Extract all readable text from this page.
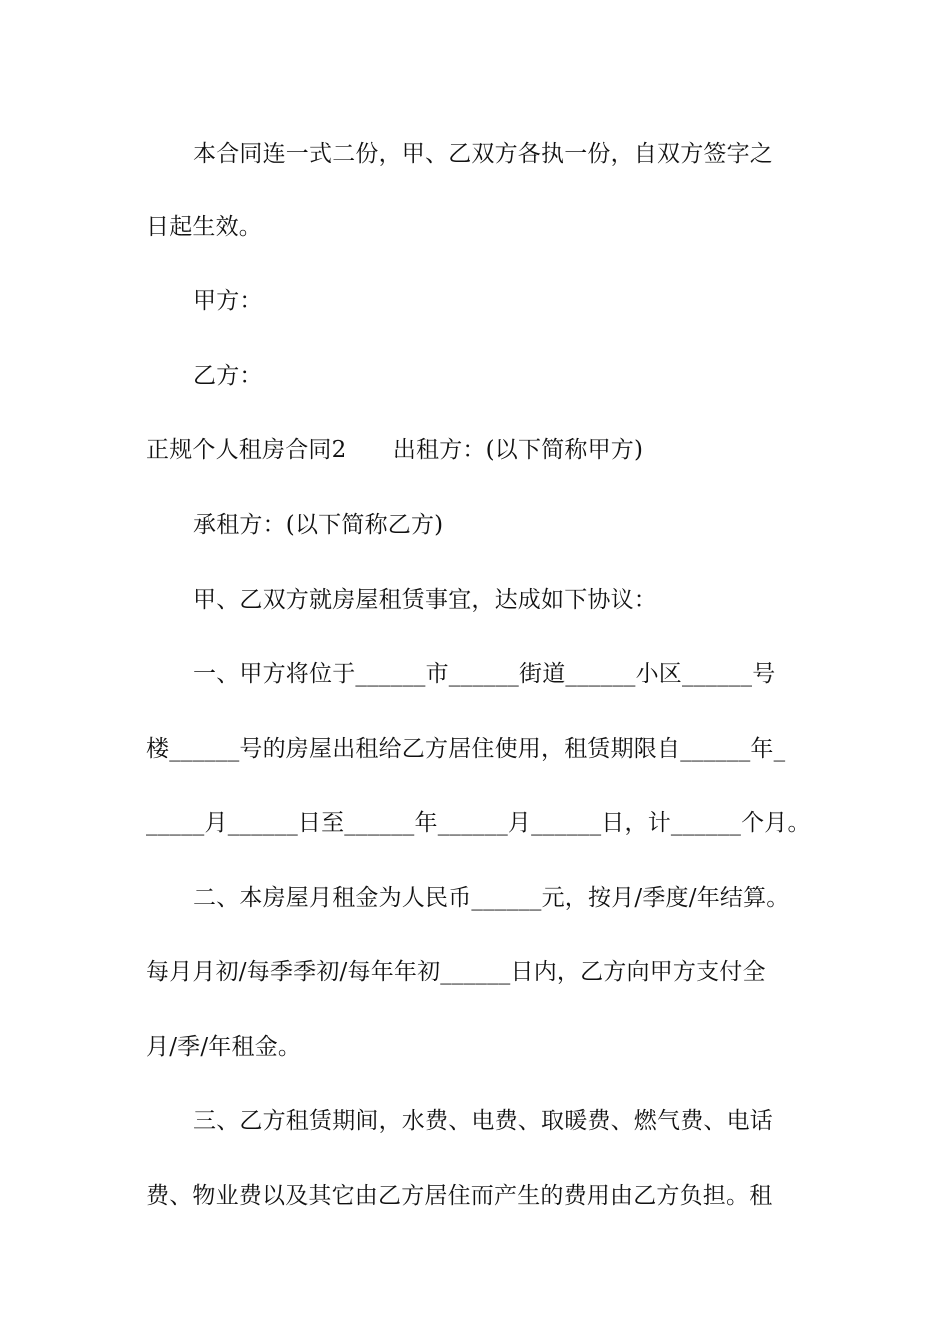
本合同连一式二份，甲、乙双方各执一份，自双方签字之
日起生效。
甲方：
乙方：
正规个人租房合同2　　出租方：(以下简称甲方)
承租方：(以下简称乙方)
甲、乙双方就房屋租赁事宜，达成如下协议：
一、甲方将位于______市______街道______小区______号
楼______号的房屋出租给乙方居住使用，租赁期限自______年_
_____月______日至______年______月______日，计______个月。
二、本房屋月租金为人民币______元，按月/季度/年结算。
每月月初/每季季初/每年年初______日内，乙方向甲方支付全
月/季/年租金。
三、乙方租赁期间，水费、电费、取暖费、燃气费、电话
费、物业费以及其它由乙方居住而产生的费用由乙方负担。租
